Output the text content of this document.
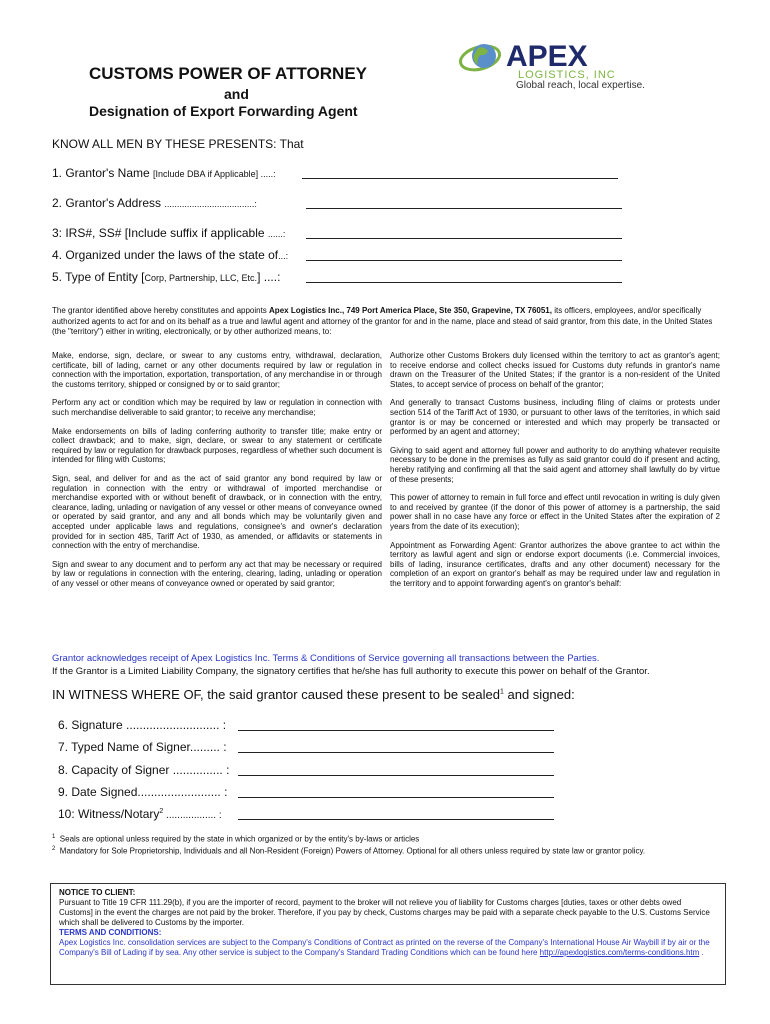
CUSTOMS POWER OF ATTORNEY
and
Designation of Export Forwarding Agent
APEX
LOGISTICS, INC
Global reach, local expertise.
KNOW ALL MEN BY THESE PRESENTS: That
1. Grantor's Name [Include DBA if Applicable] .....:
2. Grantor's Address ....................................:
3: IRS#, SS# [Include suffix if applicable ......:
4. Organized under the laws of the state of...:
5. Type of Entity [Corp, Partnership, LLC, Etc.] ....:
The grantor identified above hereby constitutes and appoints Apex Logistics Inc., 749 Port America Place, Ste 350, Grapevine, TX 76051, its officers, employees, and/or specifically authorized agents to act for and on its behalf as a true and lawful agent and attorney of the grantor for and in the name, place and stead of said grantor, from this date, in the United States (the "territory") either in writing, electronically, or by other authorized means, to:

Make, endorse, sign, declare, or swear to any customs entry, withdrawal, declaration, certificate, bill of lading, carnet or any other documents required by law or regulation in connection with the importation, exportation, transportation, of any merchandise in or through the customs territory, shipped or consigned by or to said grantor;

Perform any act or condition which may be required by law or regulation in connection with such merchandise deliverable to said grantor; to receive any merchandise;

Make endorsements on bills of lading conferring authority to transfer title; make entry or collect drawback; and to make, sign, declare, or swear to any statement or certificate required by law or regulation for drawback purposes, regardless of whether such document is intended for filing with Customs;

Sign, seal, and deliver for and as the act of said grantor any bond required by law or regulation in connection with the entry or withdrawal of imported merchandise or merchandise exported with or without benefit of drawback, or in connection with the entry, clearance, lading, unlading or navigation of any vessel or other means of conveyance owned or operated by said grantor, and any and all bonds which may be voluntarily given and accepted under applicable laws and regulations, consignee's and owner's declaration provided for in section 485, Tariff Act of 1930, as amended, or affidavits or statements in connection with the entry of merchandise.

Sign and swear to any document and to perform any act that may be necessary or required by law or regulations in connection with the entering, clearing, lading, unlading or operation of any vessel or other means of conveyance owned or operated by said grantor;

Authorize other Customs Brokers duly licensed within the territory to act as grantor's agent; to receive endorse and collect checks issued for Customs duty refunds in grantor's name drawn on the Treasurer of the United States; if the grantor is a non-resident of the United States, to accept service of process on behalf of the grantor;

And generally to transact Customs business, including filing of claims or protests under section 514 of the Tariff Act of 1930, or pursuant to other laws of the territories, in which said grantor is or may be concerned or interested and which may properly be transacted or performed by an agent and attorney;

Giving to said agent and attorney full power and authority to do anything whatever requisite necessary to be done in the premises as fully as said grantor could do if present and acting, hereby ratifying and confirming all that the said agent and attorney shall lawfully do by virtue of these presents;

This power of attorney to remain in full force and effect until revocation in writing is duly given to and received by grantee (if the donor of this power of attorney is a partnership, the said power shall in no case have any force or effect in the United States after the expiration of 2 years from the date of its execution);

Appointment as Forwarding Agent: Grantor authorizes the above grantee to act within the territory as lawful agent and sign or endorse export documents (i.e. Commercial invoices, bills of lading, insurance certificates, drafts and any other document) necessary for the completion of an export on grantor's behalf as may be required under law and regulation in the territory and to appoint forwarding agent's on grantor's behalf:

Grantor acknowledges receipt of Apex Logistics Inc. Terms & Conditions of Service governing all transactions between the Parties.
If the Grantor is a Limited Liability Company, the signatory certifies that he/she has full authority to execute this power on behalf of the Grantor.
IN WITNESS WHERE OF, the said grantor caused these present to be sealed$^1$ and signed:
6. Signature ............................ :
7. Typed Name of Signer......... :
8. Capacity of Signer ............... :
9. Date Signed......................... :
10: Witness/Notary$^2$ .................. :
$^1$ Seals are optional unless required by the state in which organized or by the entity's by-laws or articles
$^2$ Mandatory for Sole Proprietorship, Individuals and all Non-Resident (Foreign) Powers of Attorney. Optional for all others unless required by state law or grantor policy.
NOTICE TO CLIENT:
Pursuant to Title 19 CFR 111.29(b), if you are the importer of record, payment to the broker will not relieve you of liability for Customs charges [duties, taxes or other debts owed Customs] in the event the charges are not paid by the broker. Therefore, if you pay by check, Customs charges may be paid with a separate check payable to the U.S. Customs Service which shall be delivered to Customs by the importer.
TERMS AND CONDITIONS:
Apex Logistics Inc. consolidation services are subject to the Company's Conditions of Contract as printed on the reverse of the Company's International House Air Waybill if by air or the Company's Bill of Lading if by sea. Any other service is subject to the Company's Standard Trading Conditions which can be found here http://apexlogistics.com/terms-conditions.htm .
